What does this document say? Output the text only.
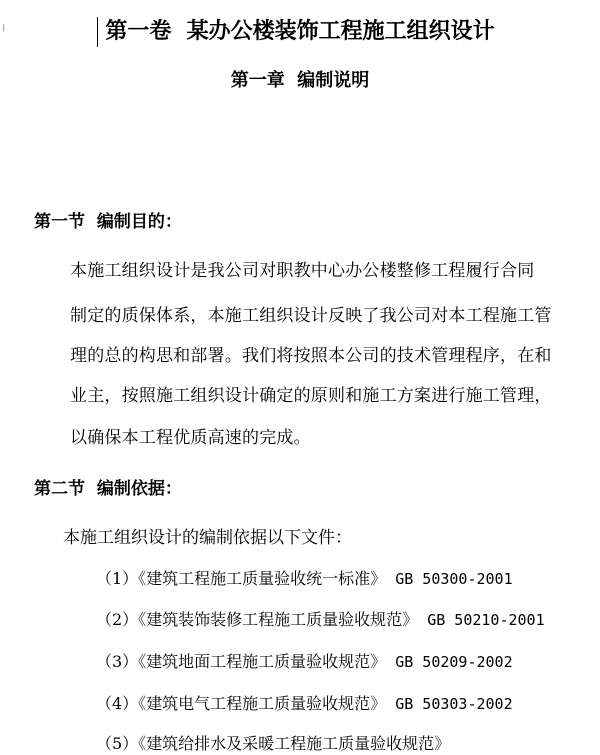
⁞	第一卷  某办公楼装饰工程施工组织设计
第一章  编制说明
第一节  编制目的：
本施工组织设计是我公司对职教中心办公楼整修工程履行合同
制定的质保体系，本施工组织设计反映了我公司对本工程施工管
理的总的构思和部署。我们将按照本公司的技术管理程序，在和
业主，按照施工组织设计确定的原则和施工方案进行施工管理，
以确保本工程优质高速的完成。
第二节  编制依据：
本施工组织设计的编制依据以下文件：
（1）《建筑工程施工质量验收统一标准》 GB 50300-2001
（2）《建筑装饰装修工程施工质量验收规范》 GB 50210-2001
（3）《建筑地面工程施工质量验收规范》 GB 50209-2002
（4）《建筑电气工程施工质量验收规范》 GB 50303-2002
（5）《建筑给排水及采暖工程施工质量验收规范》
